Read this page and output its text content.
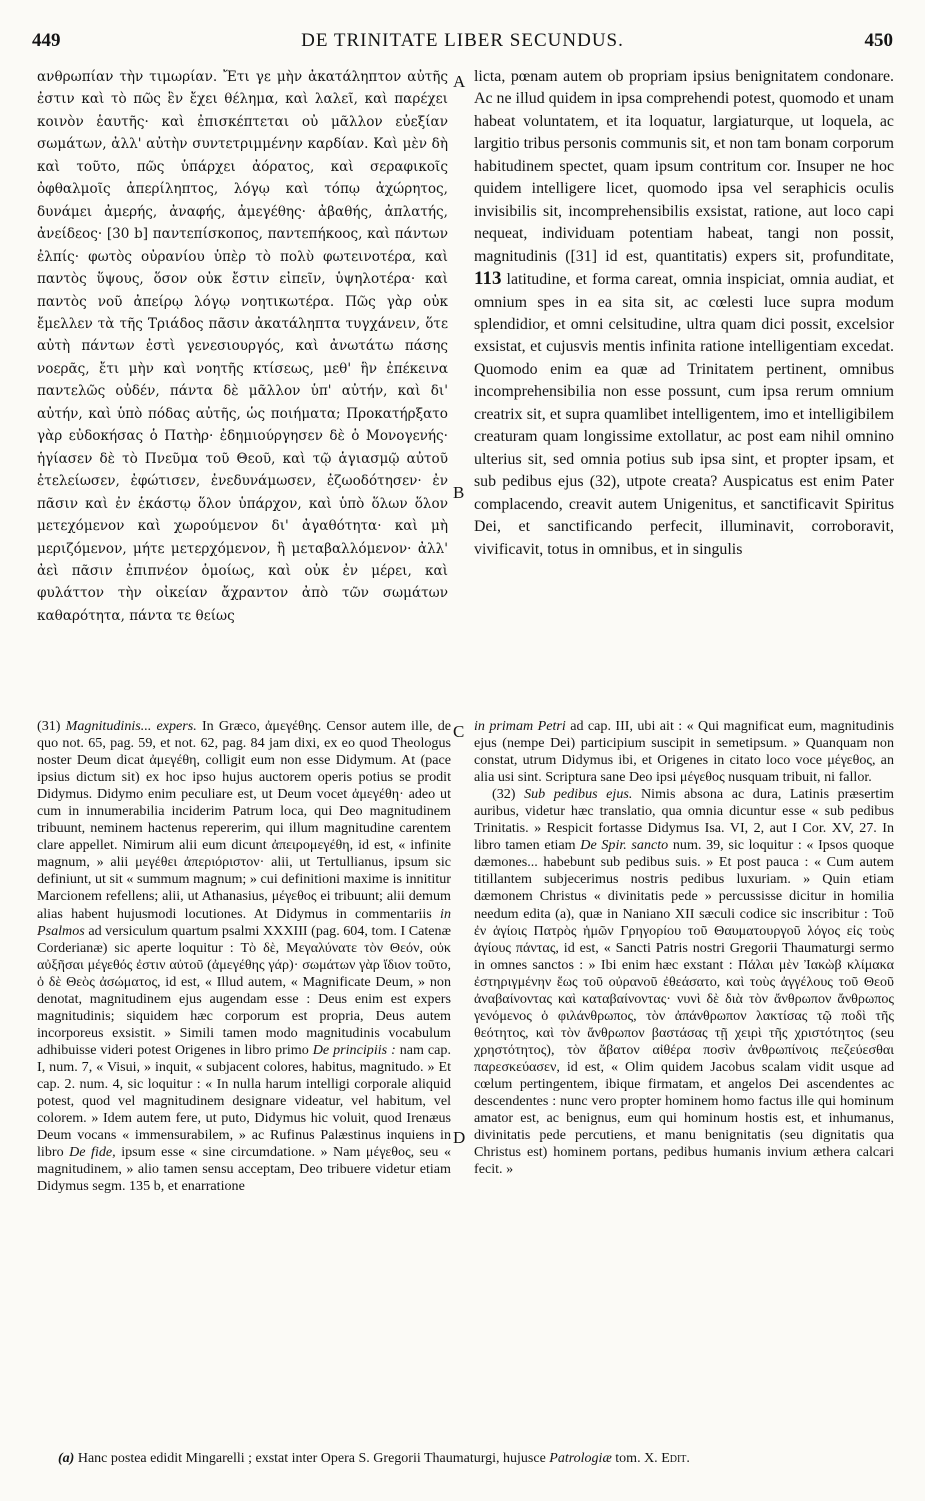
449	DE TRINITATE LIBER SECUNDUS.	450
A
B
C
D

ανθρωπίαν τὴν τιμωρίαν. Ἔτι γε μὴν ἀκατάληπτον αὐτῆς ἐστιν καὶ τὸ πῶς ἓν ἔχει θέλημα, καὶ λαλεῖ, καὶ παρέχει κοινὸν ἑαυτῆς· καὶ ἐπισκέπτεται οὐ μᾶλλον εὐεξίαν σωμάτων, ἀλλ' αὐτὴν συντετριμμένην καρδίαν. Καὶ μὲν δὴ καὶ τοῦτο, πῶς ὑπάρχει ἀόρατος, καὶ σεραφικοῖς ὀφθαλμοῖς ἀπερίληπτος, λόγῳ καὶ τόπῳ ἀχώρητος, δυνάμει ἀμερής, ἀναφής, ἀμεγέθης· ἀβαθής, ἀπλατής, ἀνείδεος· [30 b] παντεπίσκοπος, παντεπήκοος, καὶ πάντων ἐλπίς· φωτὸς οὐρανίου ὑπὲρ τὸ πολὺ φωτεινοτέρα, καὶ παντὸς ὕψους, ὅσον οὐκ ἔστιν εἰπεῖν, ὑψηλοτέρα· καὶ παντὸς νοῦ ἀπείρῳ λόγῳ νοητικωτέρα. Πῶς γὰρ οὐκ ἔμελλεν τὰ τῆς Τριάδος πᾶσιν ἀκατάληπτα τυγχάνειν, ὅτε αὐτὴ πάντων ἐστὶ γενεσιουργός, καὶ ἀνωτάτω πάσης νοερᾶς, ἔτι μὴν καὶ νοητῆς κτίσεως, μεθ' ἣν ἐπέκεινα παντελῶς οὐδέν, πάντα δὲ μᾶλλον ὑπ' αὐτήν, καὶ δι' αὐτήν, καὶ ὑπὸ πόδας αὐτῆς, ὡς ποιήματα; Προκατήρξατο γὰρ εὐδοκήσας ὁ Πατὴρ· ἐδημιούργησεν δὲ ὁ Μονογενής· ἡγίασεν δὲ τὸ Πνεῦμα τοῦ Θεοῦ, καὶ τῷ ἁγιασμῷ αὐτοῦ ἐτελείωσεν, ἐφώτισεν, ἐνεδυνάμωσεν, ἐζωοδότησεν· ἐν πᾶσιν καὶ ἐν ἑκάστῳ ὅλον ὑπάρχον, καὶ ὑπὸ ὅλων ὅλον μετεχόμενον καὶ χωρούμενον δι' ἀγαθότητα· καὶ μὴ μεριζόμενον, μήτε μετερχόμενον, ἢ μεταβαλλόμενον· ἀλλ' ἀεὶ πᾶσιν ἐπιπνέον ὁμοίως, καὶ οὐκ ἐν μέρει, καὶ φυλάττον τὴν οἰκείαν ἄχραντον ἀπὸ τῶν σωμάτων καθαρότητα, πάντα τε θείως

licta, pœnam autem ob propriam ipsius benignitatem condonare. Ac ne illud quidem in ipsa comprehendi potest, quomodo et unam habeat voluntatem, et ita loquatur, largiaturque, ut loquela, ac largitio tribus personis communis sit, et non tam bonam corporum habitudinem spectet, quam ipsum contritum cor. Insuper ne hoc quidem intelligere licet, quomodo ipsa vel seraphicis oculis invisibilis sit, incomprehensibilis exsistat, ratione, aut loco capi nequeat, individuam potentiam habeat, tangi non possit, magnitudinis ([31] id est, quantitatis) expers sit, profunditate, 113 latitudine, et forma careat, omnia inspiciat, omnia audiat, et omnium spes in ea sita sit, ac cœlesti luce supra modum splendidior, et omni celsitudine, ultra quam dici possit, excelsior exsistat, et cujusvis mentis infinita ratione intelligentiam excedat. Quomodo enim ea quæ ad Trinitatem pertinent, omnibus incomprehensibilia non esse possunt, cum ipsa rerum omnium creatrix sit, et supra quamlibet intelligentem, imo et intelligibilem creaturam quam longissime extollatur, ac post eam nihil omnino ulterius sit, sed omnia potius sub ipsa sint, et propter ipsam, et sub pedibus ejus (32), utpote creata? Auspicatus est enim Pater complacendo, creavit autem Unigenitus, et sanctificavit Spiritus Dei, et sanctificando perfecit, illuminavit, corroboravit, vivificavit, totus in omnibus, et in singulis

(31) Magnitudinis... expers. In Græco, ἀμεγέθης. Censor autem ille, de quo not. 65, pag. 59, et not. 62, pag. 84 jam dixi, ex eo quod Theologus noster Deum dicat ἀμεγέθη, colligit eum non esse Didymum. At (pace ipsius dictum sit) ex hoc ipso hujus auctorem operis potius se prodit Didymus. Didymo enim peculiare est, ut Deum vocet ἀμεγέθη· adeo ut cum in innumerabilia inciderim Patrum loca, qui Deo magnitudinem tribuunt, neminem hactenus repererim, qui illum magnitudine carentem clare appellet. Nimirum alii eum dicunt ἀπειρομεγέθη, id est, « infinite magnum, » alii μεγέθει ἀπεριόριστον· alii, ut Tertullianus, ipsum sic definiunt, ut sit « summum magnum; » cui definitioni maxime is innititur Marcionem refellens; alii, ut Athanasius, μέγεθος ei tribuunt; alii demum alias habent hujusmodi locutiones. At Didymus in commentariis in Psalmos ad versiculum quartum psalmi XXXIII (pag. 604, tom. I Catenæ Corderianæ) sic aperte loquitur : Τὸ δὲ, Μεγαλύνατε τὸν Θεόν, οὐκ αὐξῆσαι μέγεθός ἐστιν αὐτοῦ (ἀμεγέθης γάρ)· σωμάτων γὰρ ἴδιον τοῦτο, ὁ δὲ Θεὸς ἀσώματος, id est, « Illud autem, « Magnificate Deum, » non denotat, magnitudinem ejus augendam esse : Deus enim est expers magnitudinis; siquidem hæc corporum est propria, Deus autem incorporeus exsistit. » Simili tamen modo magnitudinis vocabulum adhibuisse videri potest Origenes in libro primo De principiis : nam cap. I, num. 7, « Visui, » inquit, « subjacent colores, habitus, magnitudo. » Et cap. 2. num. 4, sic loquitur : « In nulla harum intelligi corporale aliquid potest, quod vel magnitudinem designare videatur, vel habitum, vel colorem. » Idem autem fere, ut puto, Didymus hic voluit, quod Irenæus Deum vocans « immensurabilem, » ac Rufinus Palæstinus inquiens in libro De fide, ipsum esse « sine circumdatione. » Nam μέγεθος, seu « magnitudinem, » alio tamen sensu acceptam, Deo tribuere videtur etiam Didymus segm. 135 b, et enarratione

in primam Petri ad cap. III, ubi ait : « Qui magnificat eum, magnitudinis ejus (nempe Dei) participium suscipit in semetipsum. » Quanquam non constat, utrum Didymus ibi, et Origenes in citato loco voce μέγεθος, an alia usi sint. Scriptura sane Deo ipsi μέγεθος nusquam tribuit, ni fallor.

(32) Sub pedibus ejus. Nimis absona ac dura, Latinis præsertim auribus, videtur hæc translatio, qua omnia dicuntur esse « sub pedibus Trinitatis. » Respicit fortasse Didymus Isa. VI, 2, aut I Cor. XV, 27. In libro tamen etiam De Spir. sancto num. 39, sic loquitur : « Ipsos quoque dæmones... habebunt sub pedibus suis. » Et post pauca : « Cum autem titillantem subjecerimus nostris pedibus luxuriam. » Quin etiam dæmonem Christus « divinitatis pede » percussisse dicitur in homilia needum edita (a), quæ in Naniano XII sæculi codice sic inscribitur : Τοῦ ἐν ἁγίοις Πατρὸς ἡμῶν Γρηγορίου τοῦ Θαυματουργοῦ λόγος εἰς τοὺς ἁγίους πάντας, id est, « Sancti Patris nostri Gregorii Thaumaturgi sermo in omnes sanctos : » Ibi enim hæc exstant : Πάλαι μὲν Ἰακὼβ κλίμακα ἐστηριγμένην ἕως τοῦ οὐρανοῦ ἐθεάσατο, καὶ τοὺς ἀγγέλους τοῦ Θεοῦ ἀναβαίνοντας καὶ καταβαίνοντας· νυνὶ δὲ διὰ τὸν ἄνθρωπον ἄνθρωπος γενόμενος ὁ φιλάνθρωπος, τὸν ἀπάνθρωπον λακτίσας τῷ ποδὶ τῆς θεότητος, καὶ τὸν ἄνθρωπον βαστάσας τῇ χειρὶ τῆς χριστότητος (seu χρηστότητος), τὸν ἄβατον αἰθέρα ποσὶν ἀνθρωπίνοις πεζεύεσθαι παρεσκεύασεν, id est, « Olim quidem Jacobus scalam vidit usque ad cœlum pertingentem, ibique firmatam, et angelos Dei ascendentes ac descendentes : nunc vero propter hominem homo factus ille qui hominum amator est, ac benignus, eum qui hominum hostis est, et inhumanus, divinitatis pede percutiens, et manu benignitatis (seu dignitatis qua Christus est) hominem portans, pedibus humanis invium æthera calcari fecit. »

(a) Hanc postea edidit Mingarelli ; exstat inter Opera S. Gregorii Thaumaturgi, hujusce Patrologiæ tom. X. Edit.
